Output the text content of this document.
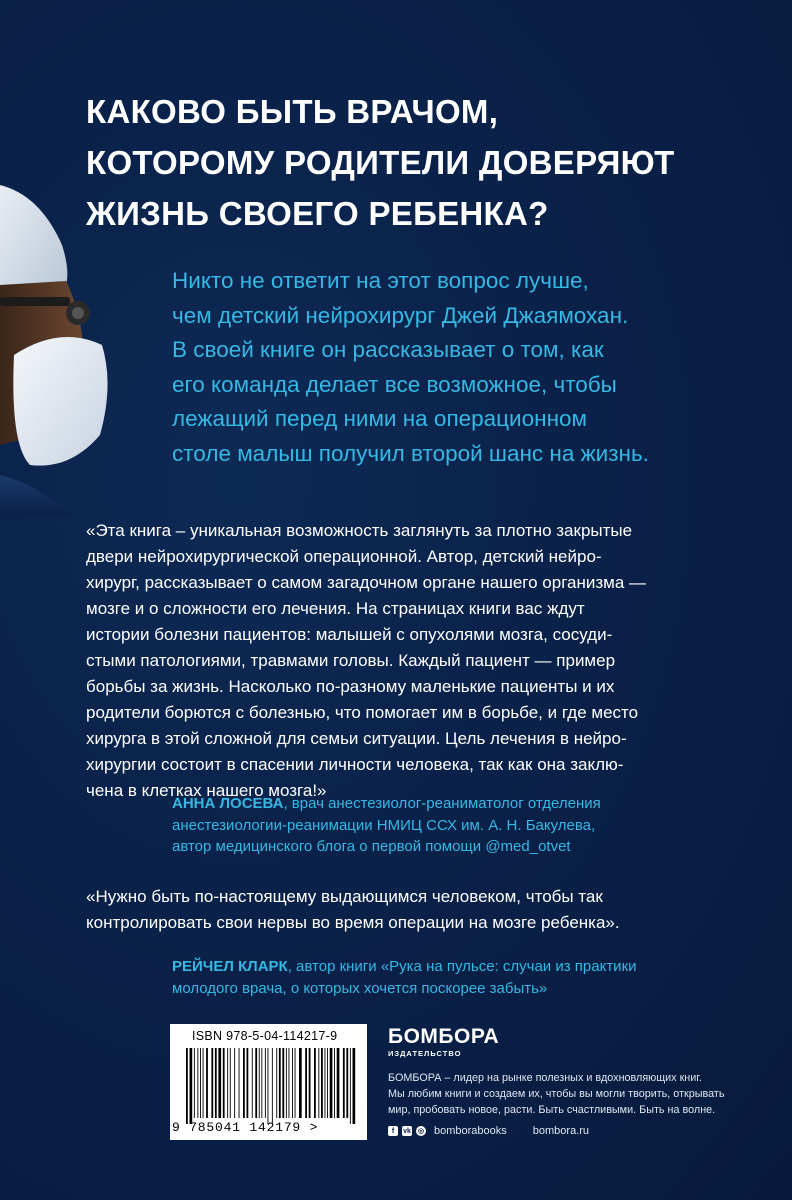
КАКОВО БЫТЬ ВРАЧОМ,
КОТОРОМУ РОДИТЕЛИ ДОВЕРЯЮТ
ЖИЗНЬ СВОЕГО РЕБЕНКА?

Никто не ответит на этот вопрос лучше,
чем детский нейрохирург Джей Джаямохан.
В своей книге он рассказывает о том, как
его команда делает все возможное, чтобы
лежащий перед ними на операционном
столе малыш получил второй шанс на жизнь.

«Эта книга – уникальная возможность заглянуть за плотно закрытые
двери нейрохирургической операционной. Автор, детский нейро-
хирург, рассказывает о самом загадочном органе нашего организма —
мозге и о сложности его лечения. На страницах книги вас ждут
истории болезни пациентов: малышей с опухолями мозга, сосуди-
стыми патологиями, травмами головы. Каждый пациент — пример
борьбы за жизнь. Насколько по-разному маленькие пациенты и их
родители борются с болезнью, что помогает им в борьбе, и где место
хирурга в этой сложной для семьи ситуации. Цель лечения в нейро-
хирургии состоит в спасении личности человека, так как она заклю-
чена в клетках нашего мозга!»

АННА ЛОСЕВА, врач анестезиолог-реаниматолог отделения
анестезиологии-реанимации НМИЦ ССХ им. А. Н. Бакулева,
автор медицинского блога о первой помощи @med_otvet

«Нужно быть по-настоящему выдающимся человеком, чтобы так
контролировать свои нервы во время операции на мозге ребенка».

РЕЙЧЕЛ КЛАРК, автор книги «Рука на пульсе: случаи из практики
молодого врача, о которых хочется поскорее забыть»

ISBN 978-5-04-114217-9
9 785041 142179 >
БОМБОРА
ИЗДАТЕЛЬСТВО

БОМБОРА – лидер на рынке полезных и вдохновляющих книг.
Мы любим книги и создаем их, чтобы вы могли творить, открывать
мир, пробовать новое, расти. Быть счастливыми. Быть на волне.

f	vk ◎ bomborabooks bombora.ru
